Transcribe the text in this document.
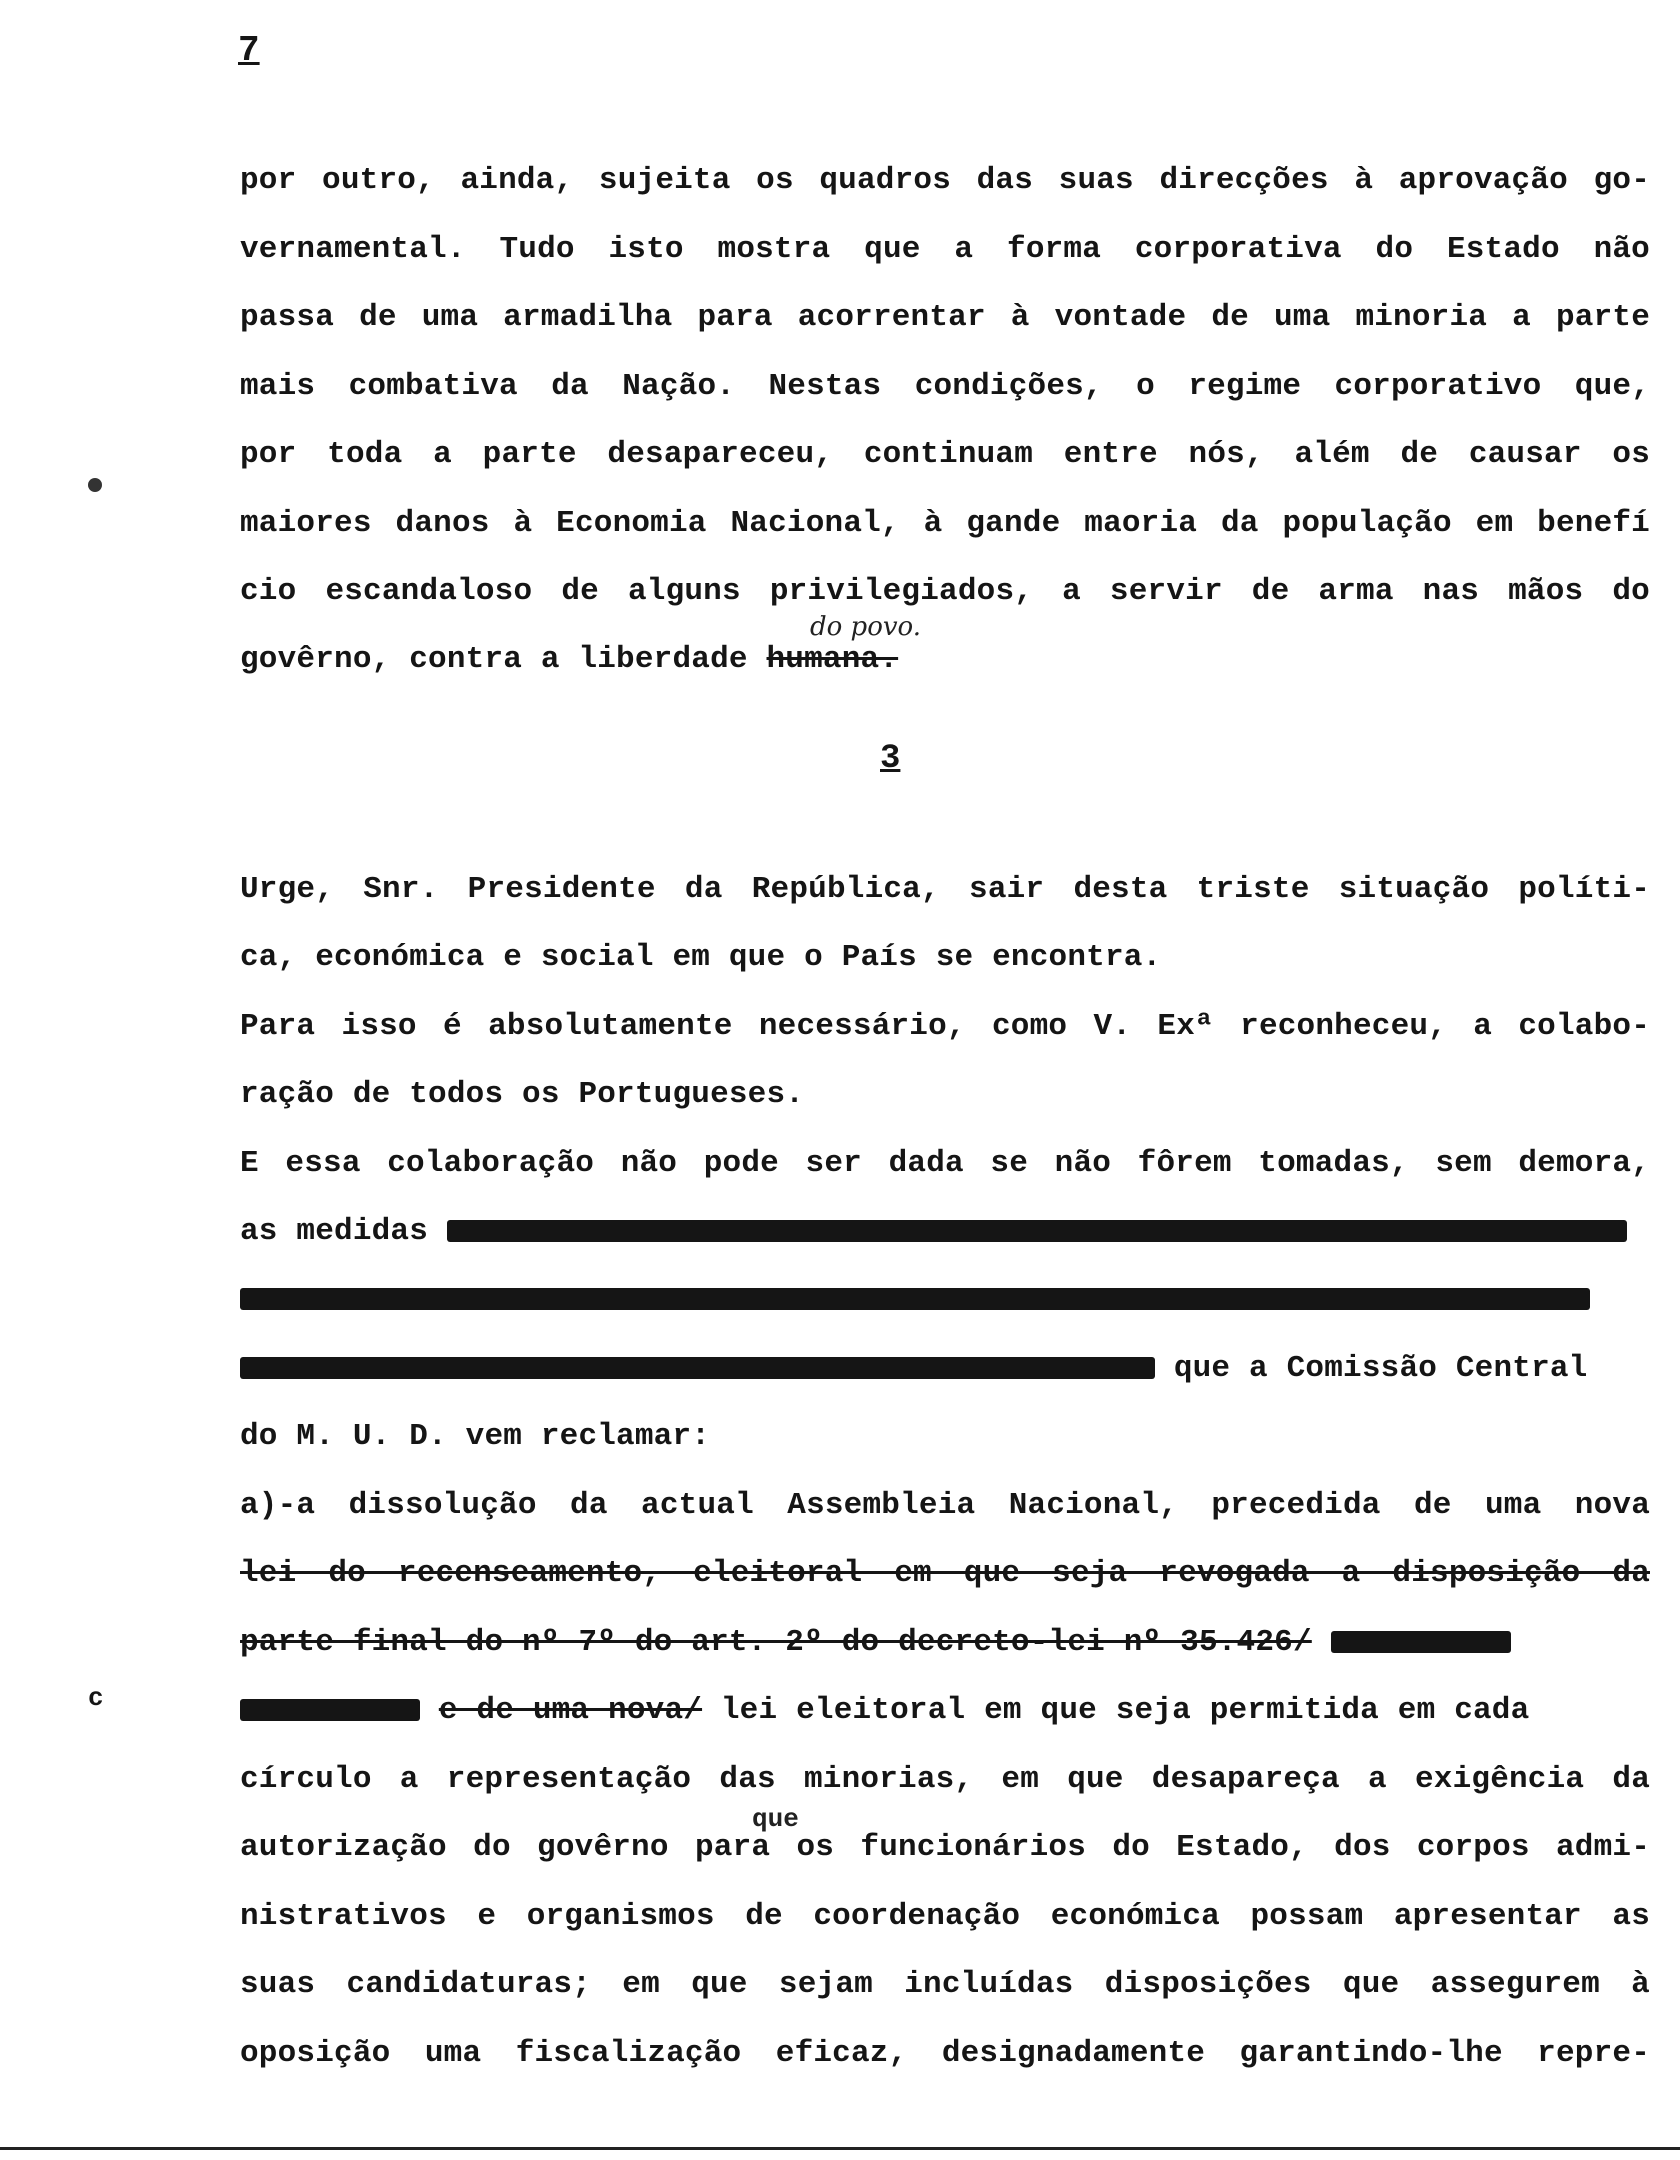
7
por outro, ainda, sujeita os quadros das suas direcções à aprovação go-
vernamental. Tudo isto mostra que a forma corporativa do Estado não
passa de uma armadilha para acorrentar à vontade de uma minoria a parte
mais combativa da Nação. Nestas condições, o regime corporativo que,
por toda a parte desapareceu, continuam entre nós, além de causar os
maiores danos à Economia Nacional, à gande maoria da população em benefí
cio escandaloso de alguns privilegiados, a servir de arma nas mãos do
do povo.
govêrno, contra a liberdade humana.
3
Urge, Snr. Presidente da República, sair desta triste situação políti-
ca, económica e social em que o País se encontra.
Para isso é absolutamente necessário, como V. Exª reconheceu, a colabo-
ração de todos os Portugueses.
E essa colaboração não pode ser dada se não fôrem tomadas, sem demora,
as medidas
que a Comissão Central
do M. U. D. vem reclamar:
a)-a dissolução da actual Assembleia Nacional, precedida de uma nova
lei do recenseamento, eleitoral em que seja revogada a disposição da
parte final do nº 7º do art. 2º do decreto-lei nº 35.426/
e de uma nova/ lei eleitoral em que seja permitida em cada
círculo a representação das minorias, em que desapareça a exigência da
que
autorização do govêrno para os funcionários do Estado, dos corpos admi-
nistrativos e organismos de coordenação económica possam apresentar as
suas candidaturas; em que sejam incluídas disposições que assegurem à
oposição uma fiscalização eficaz, designadamente garantindo-lhe repre-
c
